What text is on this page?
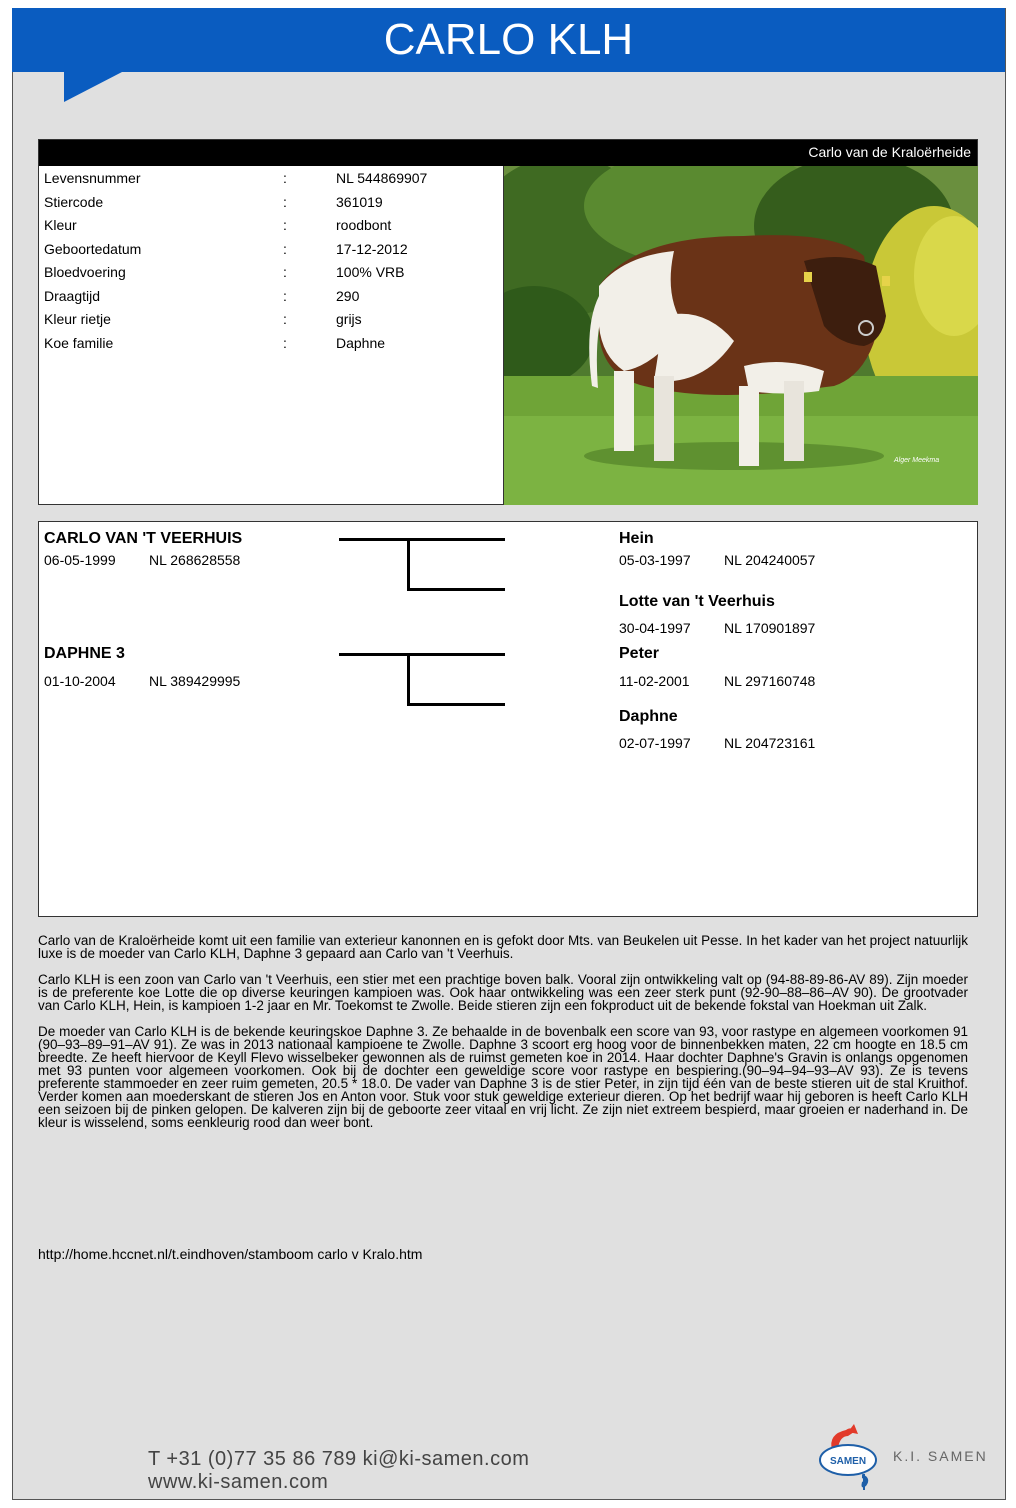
CARLO KLH
Carlo van de Kraloërheide
Levensnummer	:	NL 544869907
Stiercode	:	361019
Kleur	:	roodbont
Geboortedatum	:	17-12-2012
Bloedvoering	:	100% VRB
Draagtijd	:	290
Kleur rietje	:	grijs
Koe familie	:	Daphne
Alger Meekma
CARLO VAN 'T VEERHUIS
06-05-1999 NL 268628558
DAPHNE 3
01-10-2004 NL 389429995
Hein
05-03-1997 NL 204240057
Lotte van 't Veerhuis
30-04-1997 NL 170901897
Peter
11-02-2001 NL 297160748
Daphne
02-07-1997 NL 204723161

Carlo van de Kraloërheide komt uit een familie van exterieur kanonnen en is gefokt door Mts. van Beukelen uit Pesse. In het kader van het project natuurlijk luxe is de moeder van Carlo KLH, Daphne 3 gepaard aan Carlo van 't Veerhuis.

Carlo KLH is een zoon van Carlo van 't Veerhuis, een stier met een prachtige boven balk. Vooral zijn ontwikkeling valt op (94-88-89-86-AV 89). Zijn moeder is de preferente koe Lotte die op diverse keuringen kampioen was. Ook haar ontwikkeling was een zeer sterk punt (92-90–88–86–AV 90). De grootvader van Carlo KLH, Hein, is kampioen 1-2 jaar en Mr. Toekomst te Zwolle. Beide stieren zijn een fokproduct uit de bekende fokstal van Hoekman uit Zalk.

De moeder van Carlo KLH is de bekende keuringskoe Daphne 3. Ze behaalde in de bovenbalk een score van 93, voor rastype en algemeen voorkomen 91 (90–93–89–91–AV 91). Ze was in 2013 nationaal kampioene te Zwolle. Daphne 3 scoort erg hoog voor de binnenbekken maten, 22 cm hoogte en 18.5 cm breedte. Ze heeft hiervoor de Keyll Flevo wisselbeker gewonnen als de ruimst gemeten koe in 2014. Haar dochter Daphne's Gravin is onlangs opgenomen met 93 punten voor algemeen voorkomen. Ook bij de dochter een geweldige score voor rastype en bespiering.(90–94–94–93–AV 93). Ze is tevens preferente stammoeder en zeer ruim gemeten, 20.5 * 18.0. De vader van Daphne 3 is de stier Peter, in zijn tijd één van de beste stieren uit de stal Kruithof. Verder komen aan moederskant de stieren Jos en Anton voor. Stuk voor stuk geweldige exterieur dieren. Op het bedrijf waar hij geboren is heeft Carlo KLH een seizoen bij de pinken gelopen. De kalveren zijn bij de geboorte zeer vitaal en vrij licht. Ze zijn niet extreem bespierd, maar groeien er naderhand in. De kleur is wisselend, soms eenkleurig rood dan weer bont.

http://home.hccnet.nl/t.eindhoven/stamboom carlo v Kralo.htm
T +31 (0)77 35 86 789 ki@ki-samen.com
www.ki-samen.com
SAMEN K.I. SAMEN
